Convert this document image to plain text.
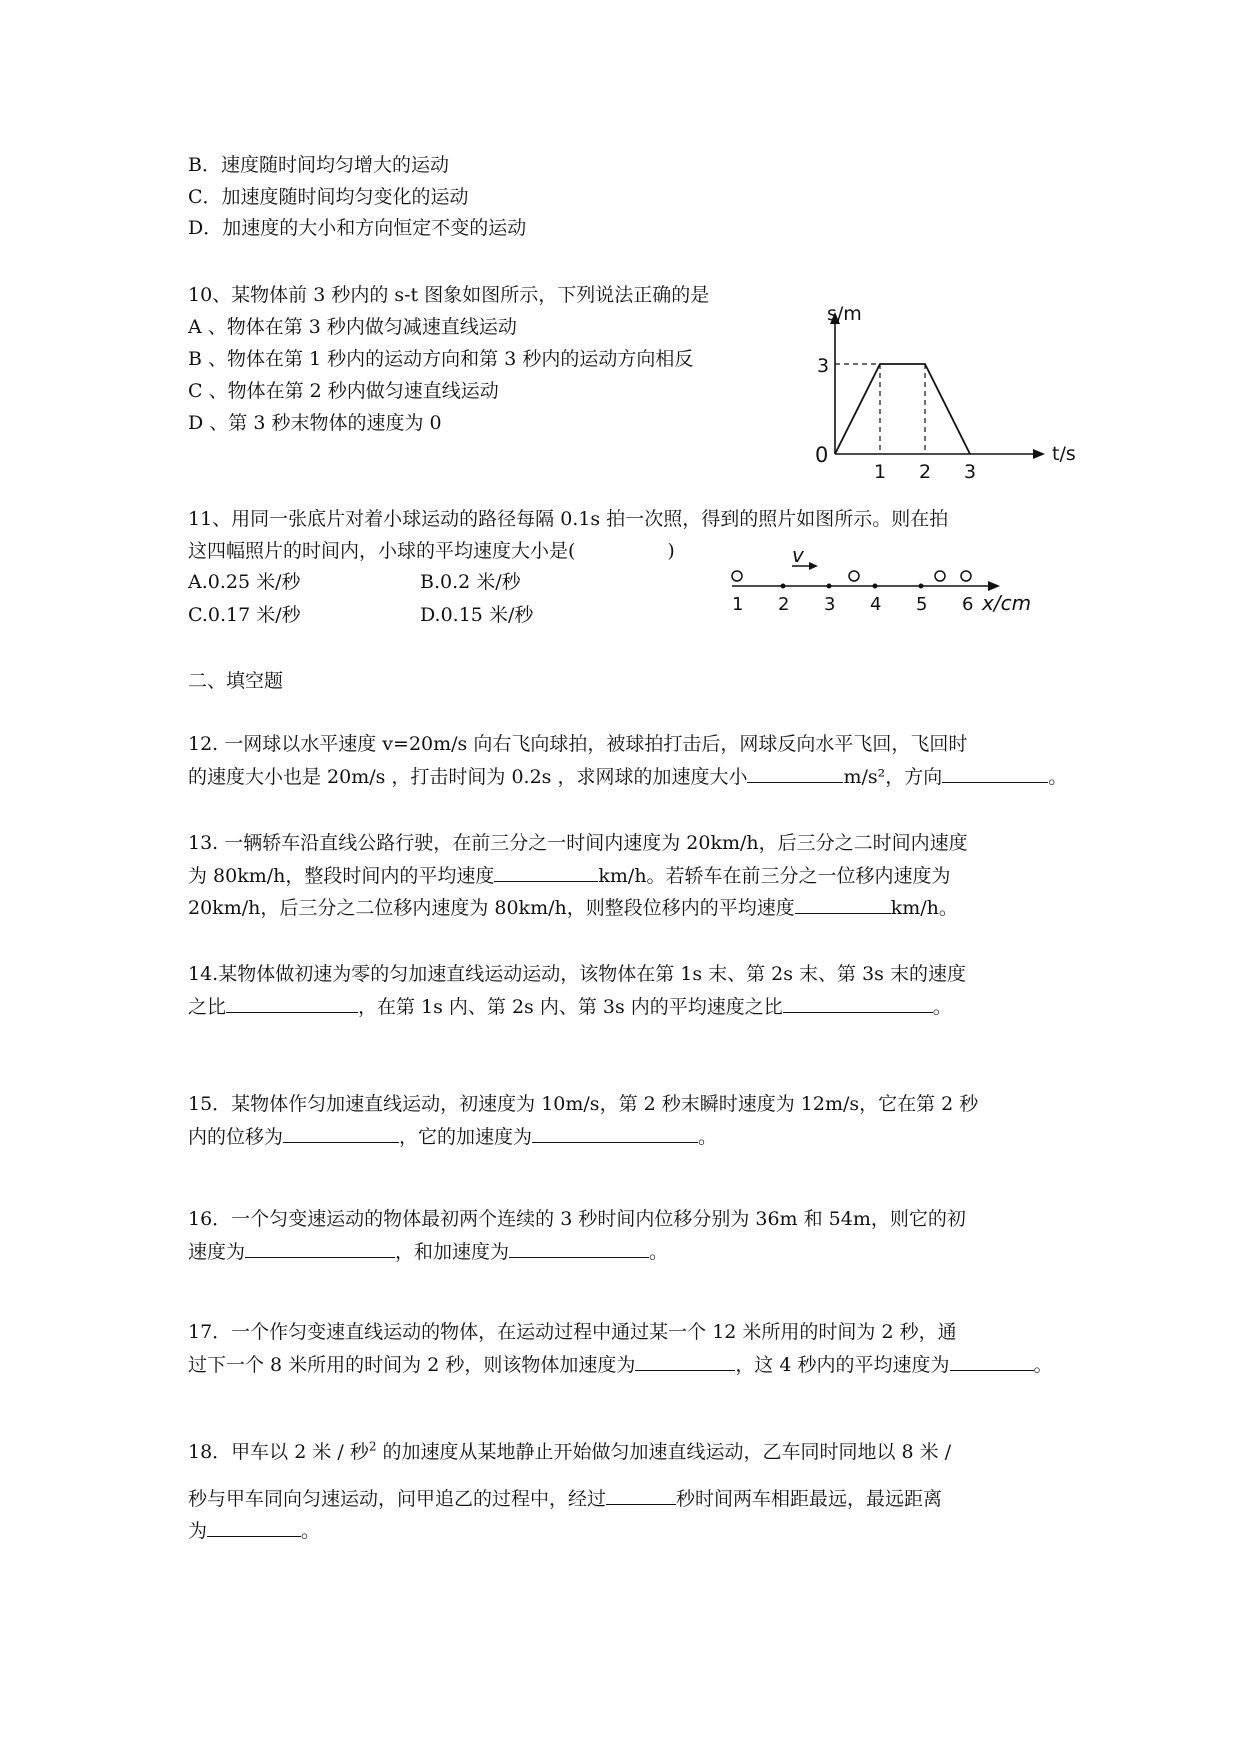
B．速度随时间均匀增大的运动
C．加速度随时间均匀变化的运动
D．加速度的大小和方向恒定不变的运动
10、某物体前 3 秒内的 s-t 图象如图所示，下列说法正确的是
A 、物体在第 3 秒内做匀减速直线运动
B 、物体在第 1 秒内的运动方向和第 3 秒内的运动方向相反
C 、物体在第 2 秒内做匀速直线运动
D 、第 3 秒末物体的速度为 0
s/m
t/s
0
3
1 2 3
11、用同一张底片对着小球运动的路径每隔 0.1s 拍一次照，得到的照片如图所示。则在拍
这四幅照片的时间内，小球的平均速度大小是(	)
A.0.25 米/秒	B.0.2 米/秒
C.0.17 米/秒	D.0.15 米/秒
v
1 2 3 4 5 6 x/cm
二、填空题
12. 一网球以水平速度 v=20m/s 向右飞向球拍，被球拍打击后，网球反向水平飞回，飞回时
的速度大小也是 20m/s ，打击时间为 0.2s ，求网球的加速度大小	m/s²，方向	。
13. 一辆轿车沿直线公路行驶，在前三分之一时间内速度为 20km/h，后三分之二时间内速度
为 80km/h，整段时间内的平均速度	km/h。若轿车在前三分之一位移内速度为
20km/h，后三分之二位移内速度为 80km/h，则整段位移内的平均速度	km/h。
14.某物体做初速为零的匀加速直线运动运动，该物体在第 1s 末、第 2s 末、第 3s 末的速度
之比	，在第 1s 内、第 2s 内、第 3s 内的平均速度之比	。
15．某物体作匀加速直线运动，初速度为 10m/s，第 2 秒末瞬时速度为 12m/s，它在第 2 秒
内的位移为	，它的加速度为	。
16．一个匀变速运动的物体最初两个连续的 3 秒时间内位移分别为 36m 和 54m，则它的初
速度为	，和加速度为	。
17．一个作匀变速直线运动的物体，在运动过程中通过某一个 12 米所用的时间为 2 秒，通
过下一个 8 米所用的时间为 2 秒，则该物体加速度为	，这 4 秒内的平均速度为	。
18．甲车以 2 米 / 秒$^2$ 的加速度从某地静止开始做匀加速直线运动，乙车同时同地以 8 米 /
秒与甲车同向匀速运动，问甲追乙的过程中，经过	秒时间两车相距最远，最远距离
为	。
